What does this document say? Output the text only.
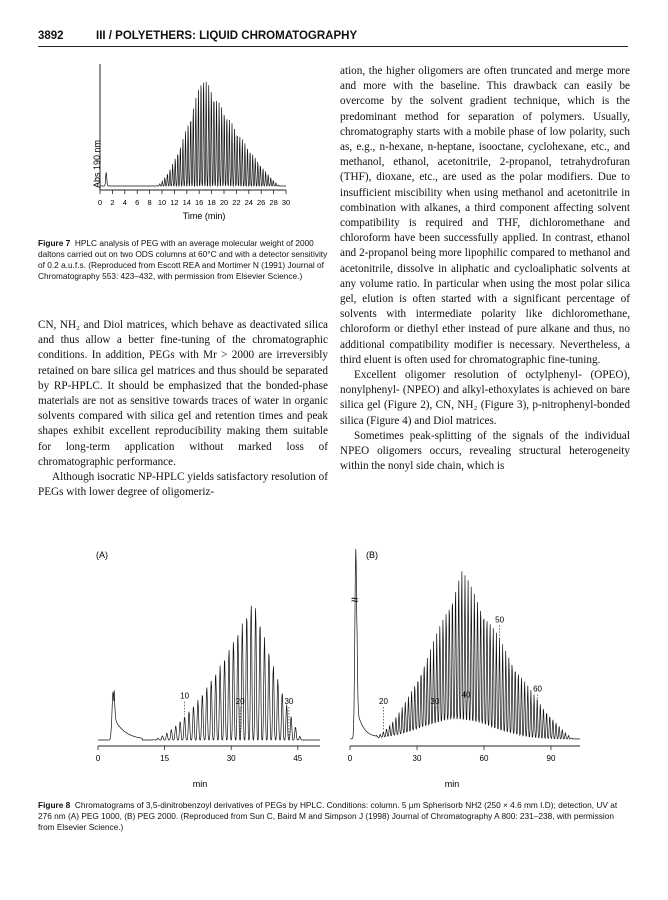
3892	III / POLYETHERS: LIQUID CHROMATOGRAPHY
0 2 4 6 8 10 12 14 16 18 20 22 24 26 28 30
Abs 190 nm
Time (min)
Figure 7 HPLC analysis of PEG with an average molecular weight of 2000 daltons carried out on two ODS columns at 60°C and with a detector sensitivity of 0.2 a.u.f.s. (Reproduced from Escott REA and Mortimer N (1991) Journal of Chromatography 553: 423–432, with permission from Elsevier Science.)

CN, NH₂ and Diol matrices, which behave as deactivated silica and thus allow a better fine-tuning of the chromatographic conditions. In addition, PEGs with Mr > 2000 are irreversibly retained on bare silica gel matrices and thus should be separated by RP-HPLC. It should be emphasized that the bonded-phase materials are not as sensitive towards traces of water in organic solvents compared with silica gel and retention times and peak shapes exhibit excellent reproducibility making them suitable for long-term application without marked loss of chromatographic performance.

Although isocratic NP-HPLC yields satisfactory resolution of PEGs with lower degree of oligomeriz-

ation, the higher oligomers are often truncated and merge more and more with the baseline. This drawback can easily be overcome by the solvent gradient technique, which is the predominant method for separation of polymers. Usually, chromatography starts with a mobile phase of low polarity, such as, e.g., n-hexane, n-heptane, isooctane, cyclohexane, etc., and methanol, ethanol, acetonitrile, 2-propanol, tetrahydrofuran (THF), dioxane, etc., are used as the polar modifiers. Due to insufficient miscibility when using methanol and acetonitrile in combination with alkanes, a third component affecting solvent compatibility is required and THF, dichloromethane and chloroform have been successfully applied. In contrast, ethanol and 2-propanol being more lipophilic compared to methanol and acetonitrile, dissolve in aliphatic and cycloaliphatic solvents at any volume ratio. In particular when using the most polar silica gel, elution is often started with a significant percentage of solvents with intermediate polarity like dichloromethane, chloroform or diethyl ether instead of pure alkane and thus, no additional compatibility modifier is necessary. Nevertheless, a third eluent is often used for chromatographic fine-tuning.

Excellent oligomer resolution of octylphenyl- (OPEO), nonylphenyl- (NPEO) and alkyl-ethoxylates is achieved on bare silica gel (Figure 2), CN, NH₂ (Figure 3), p-nitrophenyl-bonded silica (Figure 4) and Diol matrices.

Sometimes peak-splitting of the signals of the individual NPEO oligomers occurs, revealing structural heterogeneity within the nonyl side chain, which is

0	15	30	45
10
20	30
0	30	60	90
20	30
40
50
60
(A)	(B)
min	min
≈
Figure 8 Chromatograms of 3,5-dinitrobenzoyl derivatives of PEGs by HPLC. Conditions: column. 5 µm Spherisorb NH2 (250 × 4.6 mm I.D); detection, UV at 276 nm (A) PEG 1000, (B) PEG 2000. (Reproduced from Sun C, Baird M and Simpson J (1998) Journal of Chromatography A 800: 231–238, with permission from Elsevier Science.)
